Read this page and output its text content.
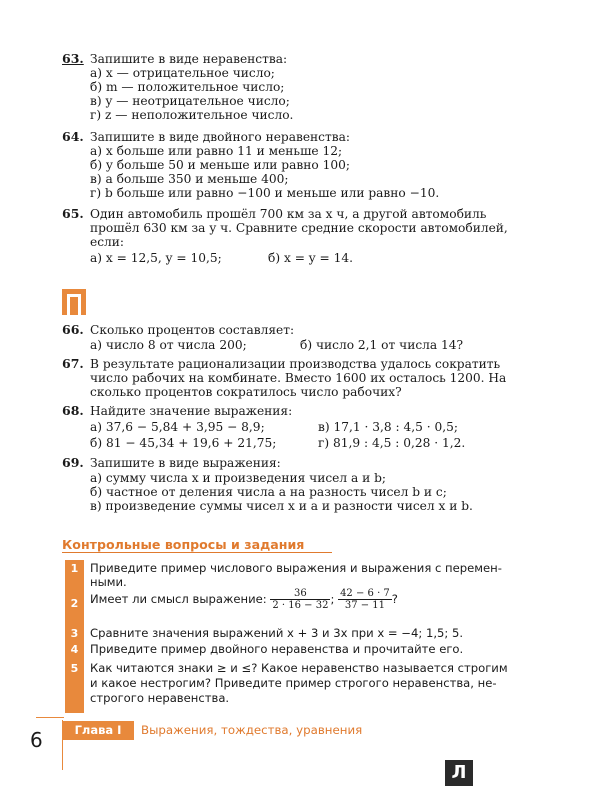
63. Запишите в виде неравенства:
а) x — отрицательное число;
б) m — положительное число;
в) y — неотрицательное число;
г) z — неположительное число.
64. Запишите в виде двойного неравенства:
а) x больше или равно 11 и меньше 12;
б) y больше 50 и меньше или равно 100;
в) a больше 350 и меньше 400;
г) b больше или равно −100 и меньше или равно −10.
65. Один автомобиль прошёл 700 км за x ч, а другой автомобиль
прошёл 630 км за y ч. Сравните средние скорости автомобилей,
если:
а) x = 12,5, y = 10,5;	б) x = y = 14.
66. Сколько процентов составляет:
а) число 8 от числа 200;	б) число 2,1 от числа 14?
67. В результате рационализации производства удалось сократить
число рабочих на комбинате. Вместо 1600 их осталось 1200. На
сколько процентов сократилось число рабочих?
68. Найдите значение выражения:
а) 37,6 − 5,84 + 3,95 − 8,9;	в) 17,1 · 3,8 : 4,5 · 0,5;
б) 81 − 45,34 + 19,6 + 21,75;	г) 81,9 : 4,5 : 0,28 · 1,2.
69. Запишите в виде выражения:
а) сумму числа x и произведения чисел a и b;
б) частное от деления числа a на разность чисел b и c;
в) произведение суммы чисел x и a и разности чисел x и b.
Контрольные вопросы и задания
1	Приведите пример числового выражения и выражения с перемен-
ными.
2	Имеет ли смысл выражение: $\frac{36}{2 \cdot 16 - 32}$ ; $\frac{42 - 6 \cdot 7}{37 - 11}$ ?
3	Сравните значения выражений x + 3 и 3x при x = −4; 1,5; 5.
4	Приведите пример двойного неравенства и прочитайте его.
5	Как читаются знаки ≥ и ≤? Какое неравенство называется строгим
и какое нестрогим? Приведите пример строгого неравенства, не-
строгого неравенства.
6	Глава I	Выражения, тождества, уравнения
Л
